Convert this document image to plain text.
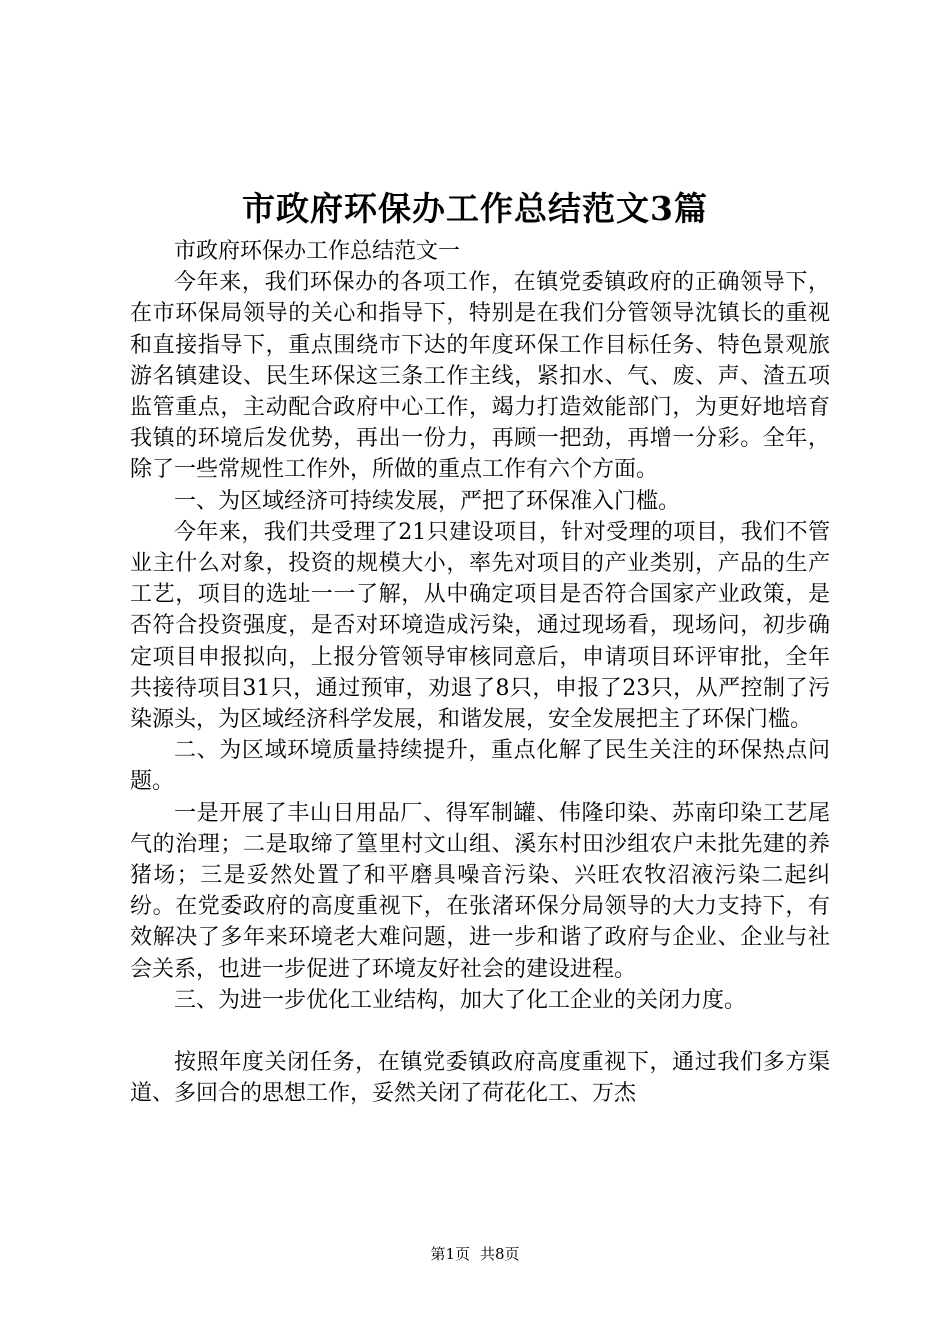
市政府环保办工作总结范文3篇

市政府环保办工作总结范文一

今年来，我们环保办的各项工作，在镇党委镇政府的正确领导下，在市环保局领导的关心和指导下，特别是在我们分管领导沈镇长的重视和直接指导下，重点围绕市下达的年度环保工作目标任务、特色景观旅游名镇建设、民生环保这三条工作主线，紧扣水、气、废、声、渣五项监管重点，主动配合政府中心工作，竭力打造效能部门，为更好地培育我镇的环境后发优势，再出一份力，再顾一把劲，再增一分彩。全年，除了一些常规性工作外，所做的重点工作有六个方面。

一、为区域经济可持续发展，严把了环保准入门槛。

今年来，我们共受理了21只建设项目，针对受理的项目，我们不管业主什么对象，投资的规模大小，率先对项目的产业类别，产品的生产工艺，项目的选址一一了解，从中确定项目是否符合国家产业政策，是否符合投资强度，是否对环境造成污染，通过现场看，现场问，初步确定项目申报拟向，上报分管领导审核同意后，申请项目环评审批，全年共接待项目31只，通过预审，劝退了8只，申报了23只，从严控制了污染源头，为区域经济科学发展，和谐发展，安全发展把主了环保门槛。

二、为区域环境质量持续提升，重点化解了民生关注的环保热点问题。

一是开展了丰山日用品厂、得军制罐、伟隆印染、苏南印染工艺尾气的治理；二是取缔了篁里村文山组、溪东村田沙组农户未批先建的养猪场；三是妥然处置了和平磨具噪音污染、兴旺农牧沼液污染二起纠纷。在党委政府的高度重视下，在张渚环保分局领导的大力支持下，有效解决了多年来环境老大难问题，进一步和谐了政府与企业、企业与社会关系，也进一步促进了环境友好社会的建设进程。

三、为进一步优化工业结构，加大了化工企业的关闭力度。

按照年度关闭任务，在镇党委镇政府高度重视下，通过我们多方渠道、多回合的思想工作，妥然关闭了荷花化工、万杰

第1页 共8页
